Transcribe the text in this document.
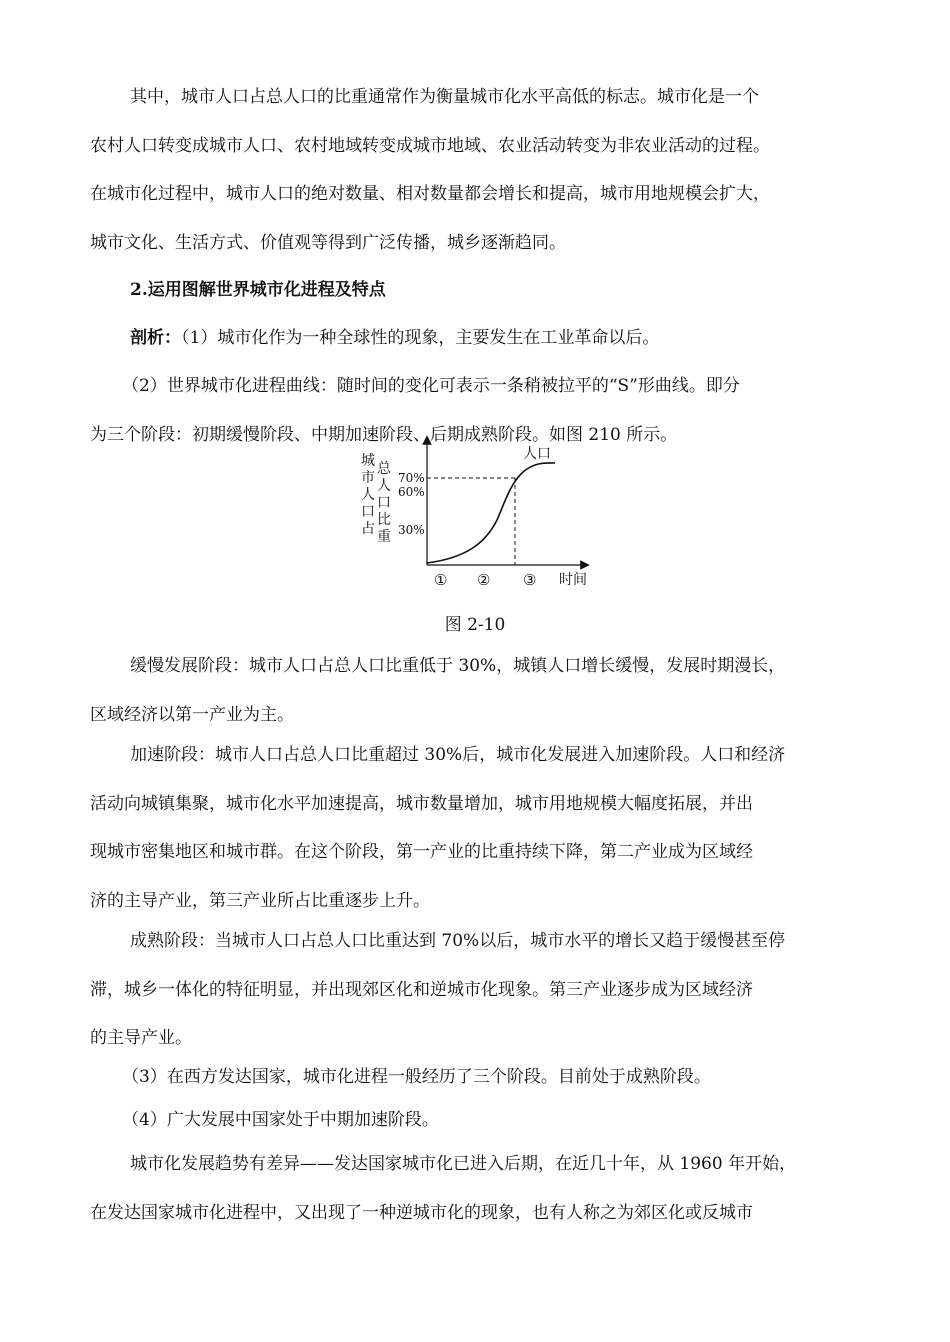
其中，城市人口占总人口的比重通常作为衡量城市化水平高低的标志。城市化是一个
农村人口转变成城市人口、农村地域转变成城市地域、农业活动转变为非农业活动的过程。
在城市化过程中，城市人口的绝对数量、相对数量都会增长和提高，城市用地规模会扩大，
城市文化、生活方式、价值观等得到广泛传播，城乡逐渐趋同。
2.运用图解世界城市化进程及特点
剖析：（1）城市化作为一种全球性的现象，主要发生在工业革命以后。
（2）世界城市化进程曲线：随时间的变化可表示一条稍被拉平的“S”形曲线。即分
为三个阶段：初期缓慢阶段、中期加速阶段、后期成熟阶段。如图 210 所示。
70%
60%
30%
城
市
人
口
占
总
人
口
比
重
人口
① ② ③ 时间
图 2-10
缓慢发展阶段：城市人口占总人口比重低于 30%，城镇人口增长缓慢，发展时期漫长，
区域经济以第一产业为主。
加速阶段：城市人口占总人口比重超过 30%后，城市化发展进入加速阶段。人口和经济
活动向城镇集聚，城市化水平加速提高，城市数量增加，城市用地规模大幅度拓展，并出
现城市密集地区和城市群。在这个阶段，第一产业的比重持续下降，第二产业成为区域经
济的主导产业，第三产业所占比重逐步上升。
成熟阶段：当城市人口占总人口比重达到 70%以后，城市水平的增长又趋于缓慢甚至停
滞，城乡一体化的特征明显，并出现郊区化和逆城市化现象。第三产业逐步成为区域经济
的主导产业。
（3）在西方发达国家，城市化进程一般经历了三个阶段。目前处于成熟阶段。
（4）广大发展中国家处于中期加速阶段。
城市化发展趋势有差异——发达国家城市化已进入后期，在近几十年，从 1960 年开始，
在发达国家城市化进程中，又出现了一种逆城市化的现象，也有人称之为郊区化或反城市
